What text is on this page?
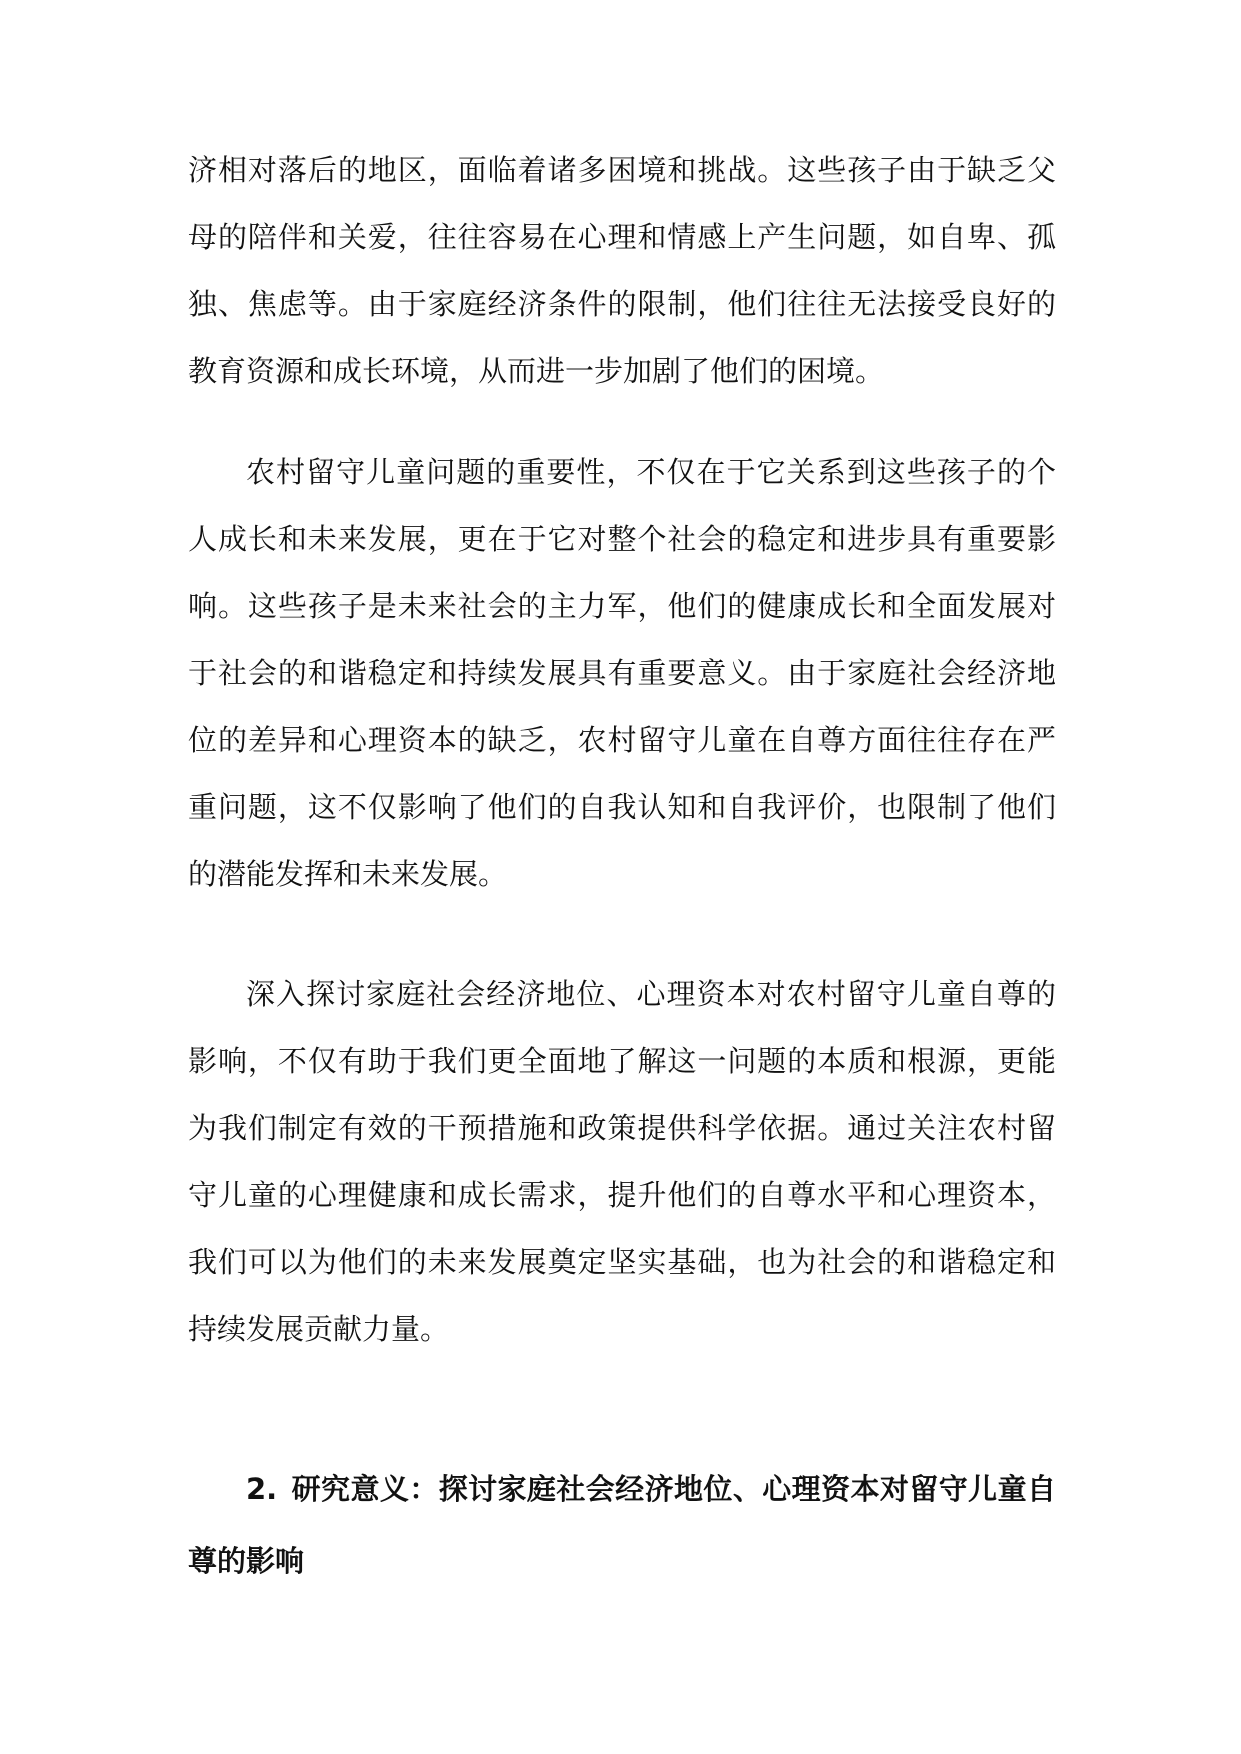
济相对落后的地区，面临着诸多困境和挑战。这些孩子由于缺乏父母的陪伴和关爱，往往容易在心理和情感上产生问题，如自卑、孤独、焦虑等。由于家庭经济条件的限制，他们往往无法接受良好的教育资源和成长环境，从而进一步加剧了他们的困境。

农村留守儿童问题的重要性，不仅在于它关系到这些孩子的个人成长和未来发展，更在于它对整个社会的稳定和进步具有重要影响。这些孩子是未来社会的主力军，他们的健康成长和全面发展对于社会的和谐稳定和持续发展具有重要意义。由于家庭社会经济地位的差异和心理资本的缺乏，农村留守儿童在自尊方面往往存在严重问题，这不仅影响了他们的自我认知和自我评价，也限制了他们的潜能发挥和未来发展。

深入探讨家庭社会经济地位、心理资本对农村留守儿童自尊的影响，不仅有助于我们更全面地了解这一问题的本质和根源，更能为我们制定有效的干预措施和政策提供科学依据。通过关注农村留守儿童的心理健康和成长需求，提升他们的自尊水平和心理资本，我们可以为他们的未来发展奠定坚实基础，也为社会的和谐稳定和持续发展贡献力量。

2. 研究意义：探讨家庭社会经济地位、心理资本对留守儿童自尊的影响
